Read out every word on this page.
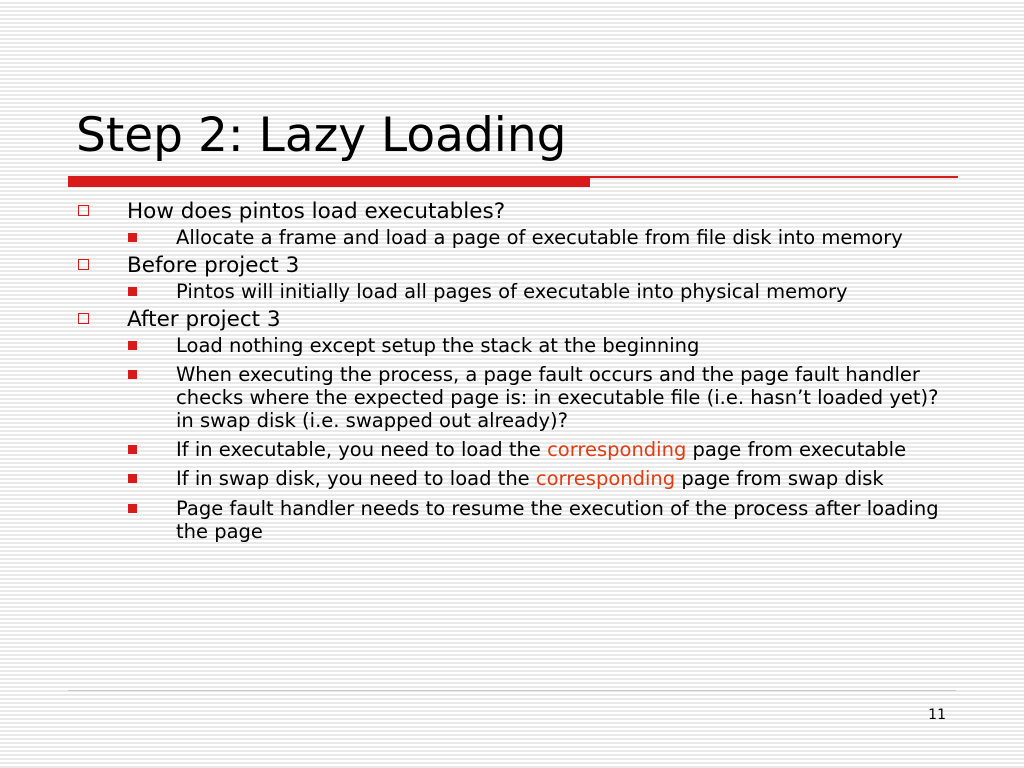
Step 2: Lazy Loading
How does pintos load executables?
Allocate a frame and load a page of executable from file disk into memory
Before project 3
Pintos will initially load all pages of executable into physical memory
After project 3
Load nothing except setup the stack at the beginning
When executing the process, a page fault occurs and the page fault handler checks where the expected page is: in executable file (i.e. hasn’t loaded yet)? in swap disk (i.e. swapped out already)?
If in executable, you need to load the corresponding page from executable
If in swap disk, you need to load the corresponding page from swap disk
Page fault handler needs to resume the execution of the process after loading the page
11
